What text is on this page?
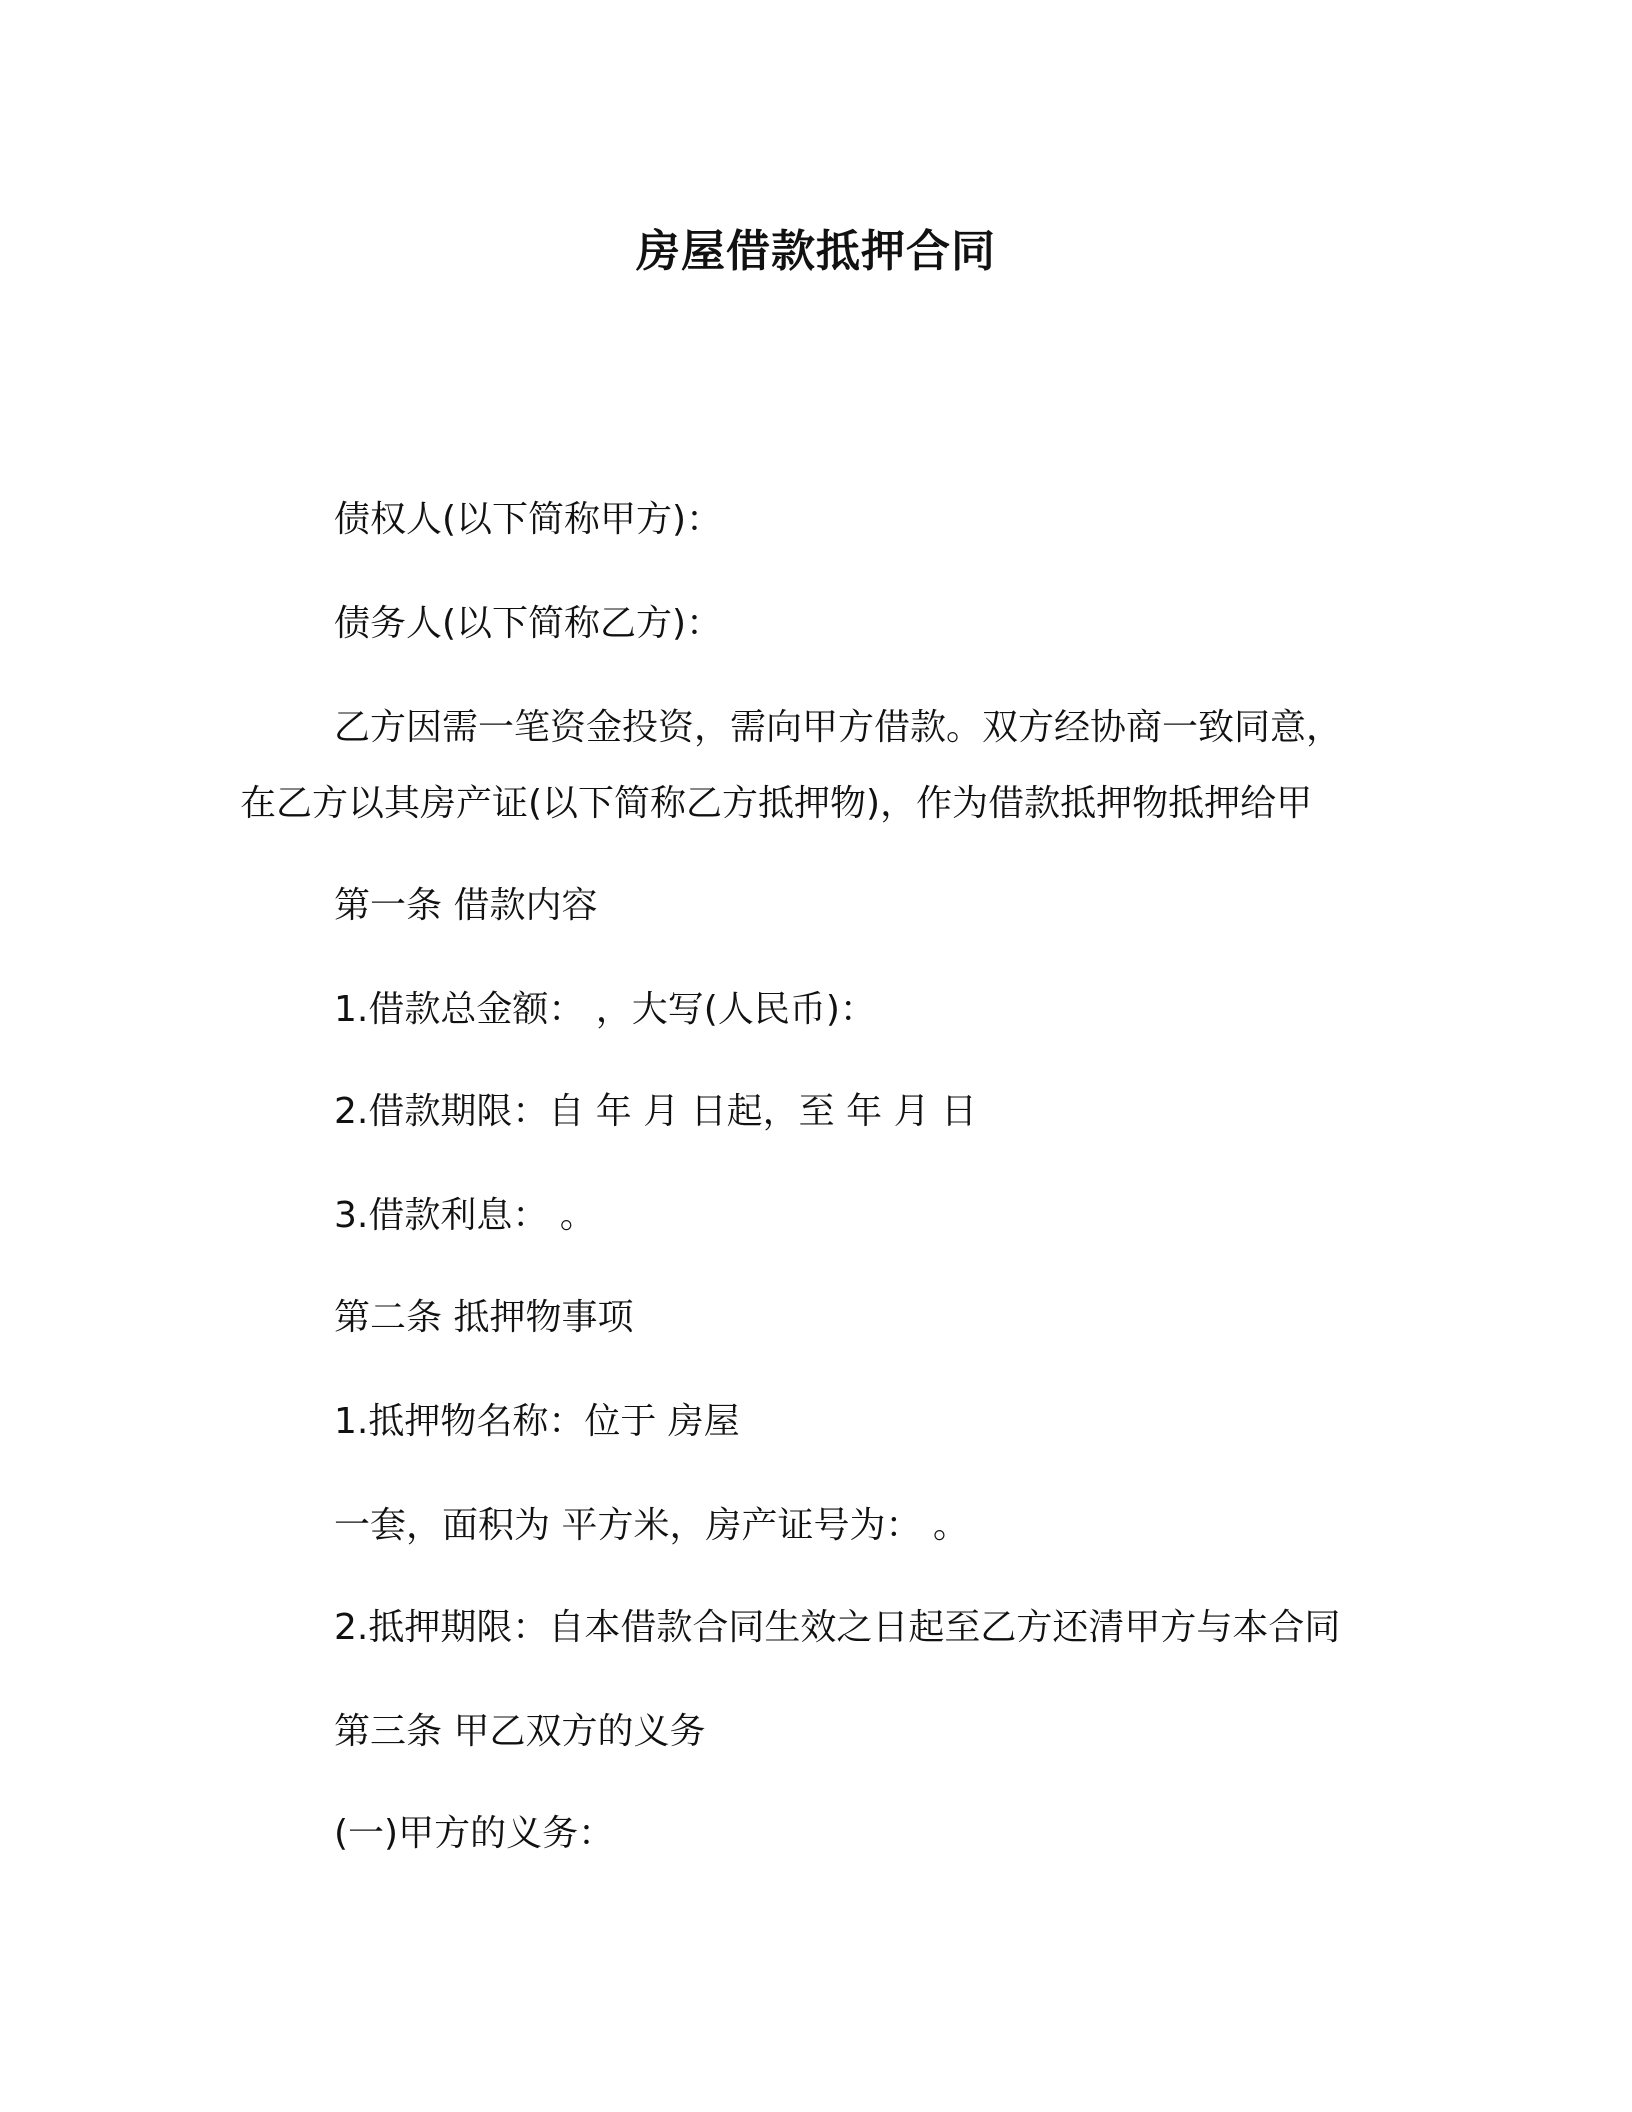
房屋借款抵押合同
债权人(以下简称甲方)：
债务人(以下简称乙方)：
乙方因需一笔资金投资，需向甲方借款。双方经协商一致同意，
在乙方以其房产证(以下简称乙方抵押物)，作为借款抵押物抵押给甲
第一条 借款内容
1.借款总金额： ，大写(人民币)：
2.借款期限：自 年 月 日起，至 年 月 日
3.借款利息： 。
第二条 抵押物事项
1.抵押物名称：位于 房屋
一套，面积为 平方米，房产证号为： 。
2.抵押期限：自本借款合同生效之日起至乙方还清甲方与本合同
第三条 甲乙双方的义务
(一)甲方的义务：
